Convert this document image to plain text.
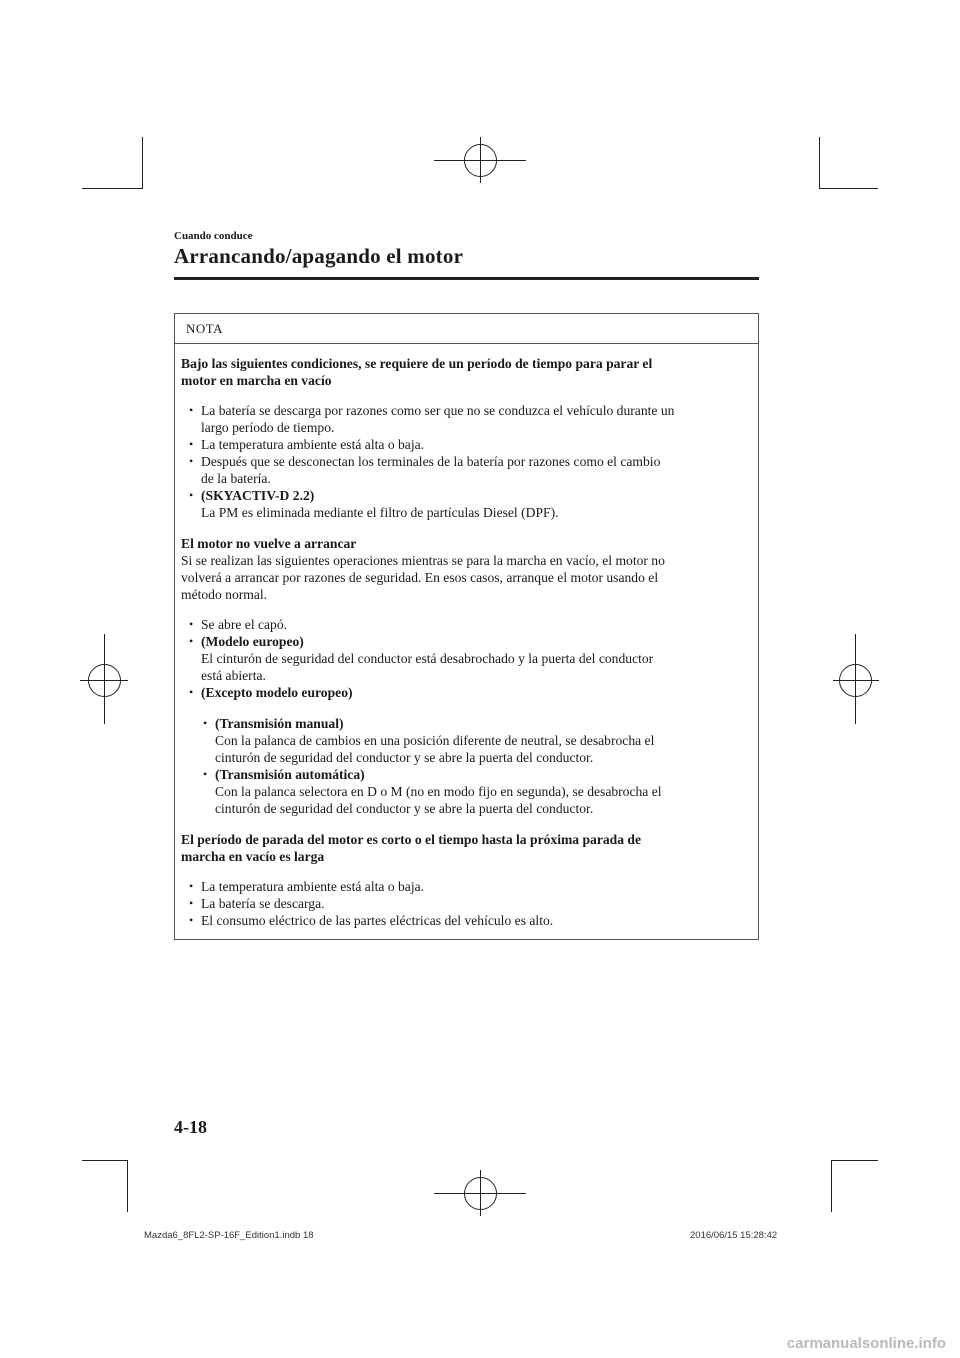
Cuando conduce
Arrancando/apagando el motor
NOTA
Bajo las siguientes condiciones, se requiere de un período de tiempo para parar el
motor en marcha en vacío
• La batería se descarga por razones como ser que no se conduzca el vehículo durante un
largo período de tiempo.
• La temperatura ambiente está alta o baja.
• Después que se desconectan los terminales de la batería por razones como el cambio
de la batería.
• (SKYACTIV-D 2.2)
La PM es eliminada mediante el filtro de partículas Diesel (DPF).
El motor no vuelve a arrancar
Si se realizan las siguientes operaciones mientras se para la marcha en vacío, el motor no
volverá a arrancar por razones de seguridad. En esos casos, arranque el motor usando el
método normal.
• Se abre el capó.
• (Modelo europeo)
El cinturón de seguridad del conductor está desabrochado y la puerta del conductor
está abierta.
• (Excepto modelo europeo)
• (Transmisión manual)
Con la palanca de cambios en una posición diferente de neutral, se desabrocha el
cinturón de seguridad del conductor y se abre la puerta del conductor.
• (Transmisión automática)
Con la palanca selectora en D o M (no en modo fijo en segunda), se desabrocha el
cinturón de seguridad del conductor y se abre la puerta del conductor.
El período de parada del motor es corto o el tiempo hasta la próxima parada de
marcha en vacío es larga
• La temperatura ambiente está alta o baja.
• La batería se descarga.
• El consumo eléctrico de las partes eléctricas del vehículo es alto.
4-18
Mazda6_8FL2-SP-16F_Edition1.indb 18	2016/06/15 15:28:42
carmanualsonline.info
